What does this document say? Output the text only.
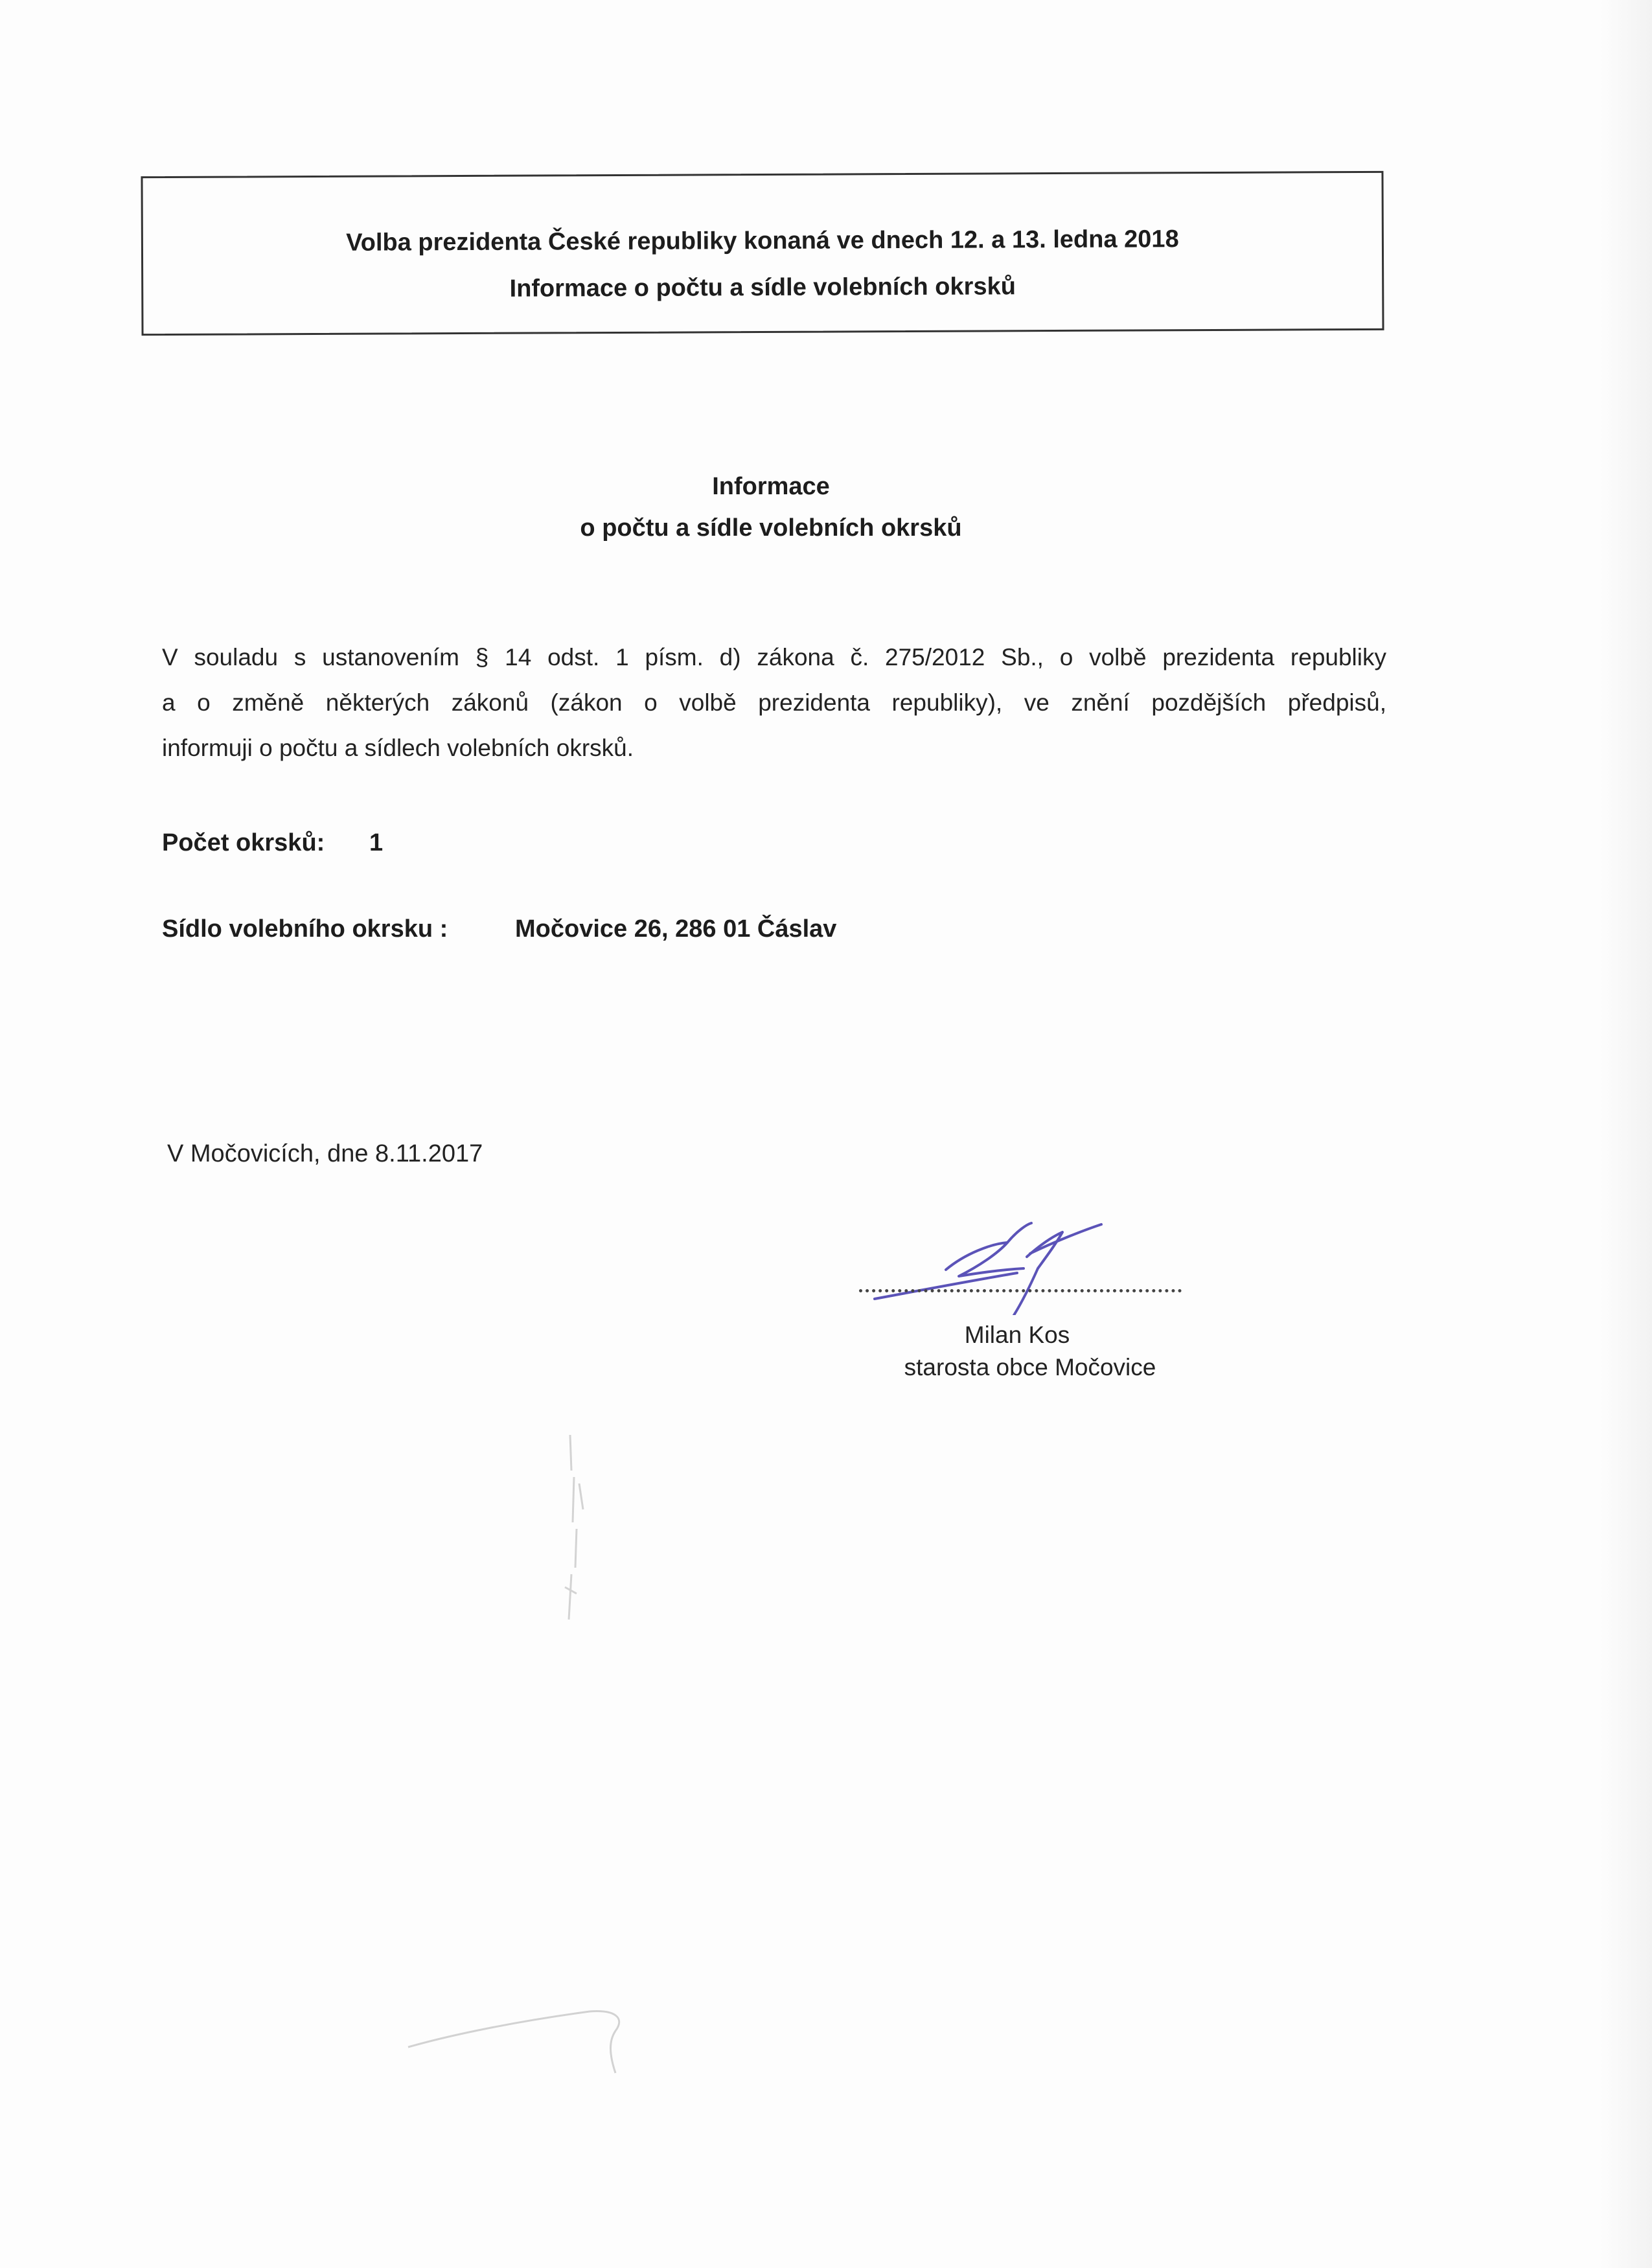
Volba prezidenta České republiky konaná ve dnech 12. a 13. ledna 2018
Informace o počtu a sídle volebních okrsků
Informace
o počtu a sídle volebních okrsků
V souladu s ustanovením § 14 odst. 1 písm. d) zákona č. 275/2012 Sb., o volbě prezidenta republiky
a o změně některých zákonů (zákon o volbě prezidenta republiky), ve znění pozdějších předpisů,
informuji o počtu a sídlech volebních okrsků.
Počet okrsků: 1
Sídlo volebního okrsku :	Močovice 26, 286 01 Čáslav
V Močovicích, dne 8.11.2017
Milan Kos
starosta obce Močovice
